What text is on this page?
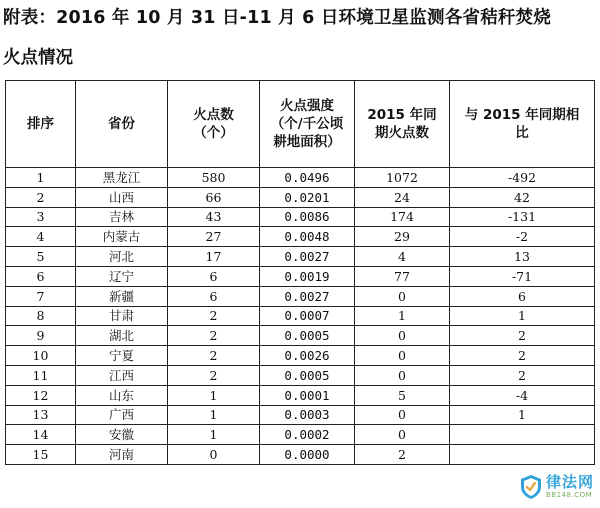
附表：2016 年 10 月 31 日-11 月 6 日环境卫星监测各省秸秆焚烧
火点情况
排序	省份	火点数（个）	火点强度（个/千公顷耕地面积）	2015 年同期火点数	与 2015 年同期相比
1	黑龙江	580	0.0496	1072	-492
2	山西	66	0.0201	24	42
3	吉林	43	0.0086	174	-131
4	内蒙古	27	0.0048	29	-2
5	河北	17	0.0027	4	13
6	辽宁	6	0.0019	77	-71
7	新疆	6	0.0027	0	6
8	甘肃	2	0.0007	1	1
9	湖北	2	0.0005	0	2
10	宁夏	2	0.0026	0	2
11	江西	2	0.0005	0	2
12	山东	1	0.0001	5	-4
13	广西	1	0.0003	0	1
14	安徽	1	0.0002	0	
15	河南	0	0.0000	2	
律法网
BB148.COM
